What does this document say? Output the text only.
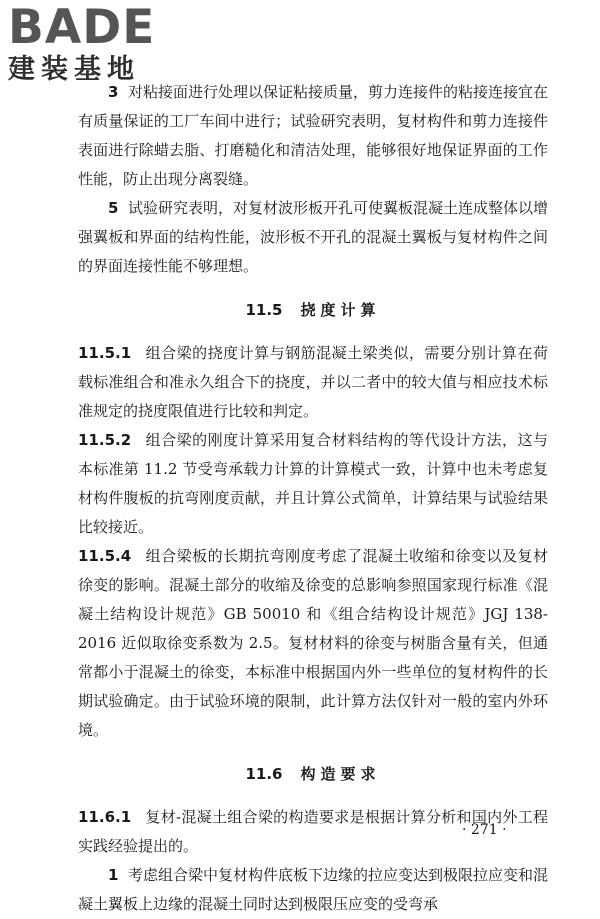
BADE
建装基地

3 对粘接面进行处理以保证粘接质量，剪力连接件的粘接连接宜在有质量保证的工厂车间中进行；试验研究表明，复材构件和剪力连接件表面进行除蜡去脂、打磨糙化和清洁处理，能够很好地保证界面的工作性能，防止出现分离裂缝。

5 试验研究表明，对复材波形板开孔可使翼板混凝土连成整体以增强翼板和界面的结构性能，波形板不开孔的混凝土翼板与复材构件之间的界面连接性能不够理想。

11.5 挠度计算

11.5.1 组合梁的挠度计算与钢筋混凝土梁类似，需要分别计算在荷载标准组合和准永久组合下的挠度，并以二者中的较大值与相应技术标准规定的挠度限值进行比较和判定。

11.5.2 组合梁的刚度计算采用复合材料结构的等代设计方法，这与本标准第 11.2 节受弯承载力计算的计算模式一致，计算中也未考虑复材构件腹板的抗弯刚度贡献，并且计算公式简单，计算结果与试验结果比较接近。

11.5.4 组合梁板的长期抗弯刚度考虑了混凝土收缩和徐变以及复材徐变的影响。混凝土部分的收缩及徐变的总影响参照国家现行标准《混凝土结构设计规范》GB 50010 和《组合结构设计规范》JGJ 138-2016 近似取徐变系数为 2.5。复材材料的徐变与树脂含量有关，但通常都小于混凝土的徐变，本标准中根据国内外一些单位的复材构件的长期试验确定。由于试验环境的限制，此计算方法仅针对一般的室内外环境。

11.6 构造要求

11.6.1 复材-混凝土组合梁的构造要求是根据计算分析和国内外工程实践经验提出的。

1 考虑组合梁中复材构件底板下边缘的拉应变达到极限拉应变和混凝土翼板上边缘的混凝土同时达到极限压应变的受弯承

· 271 ·
